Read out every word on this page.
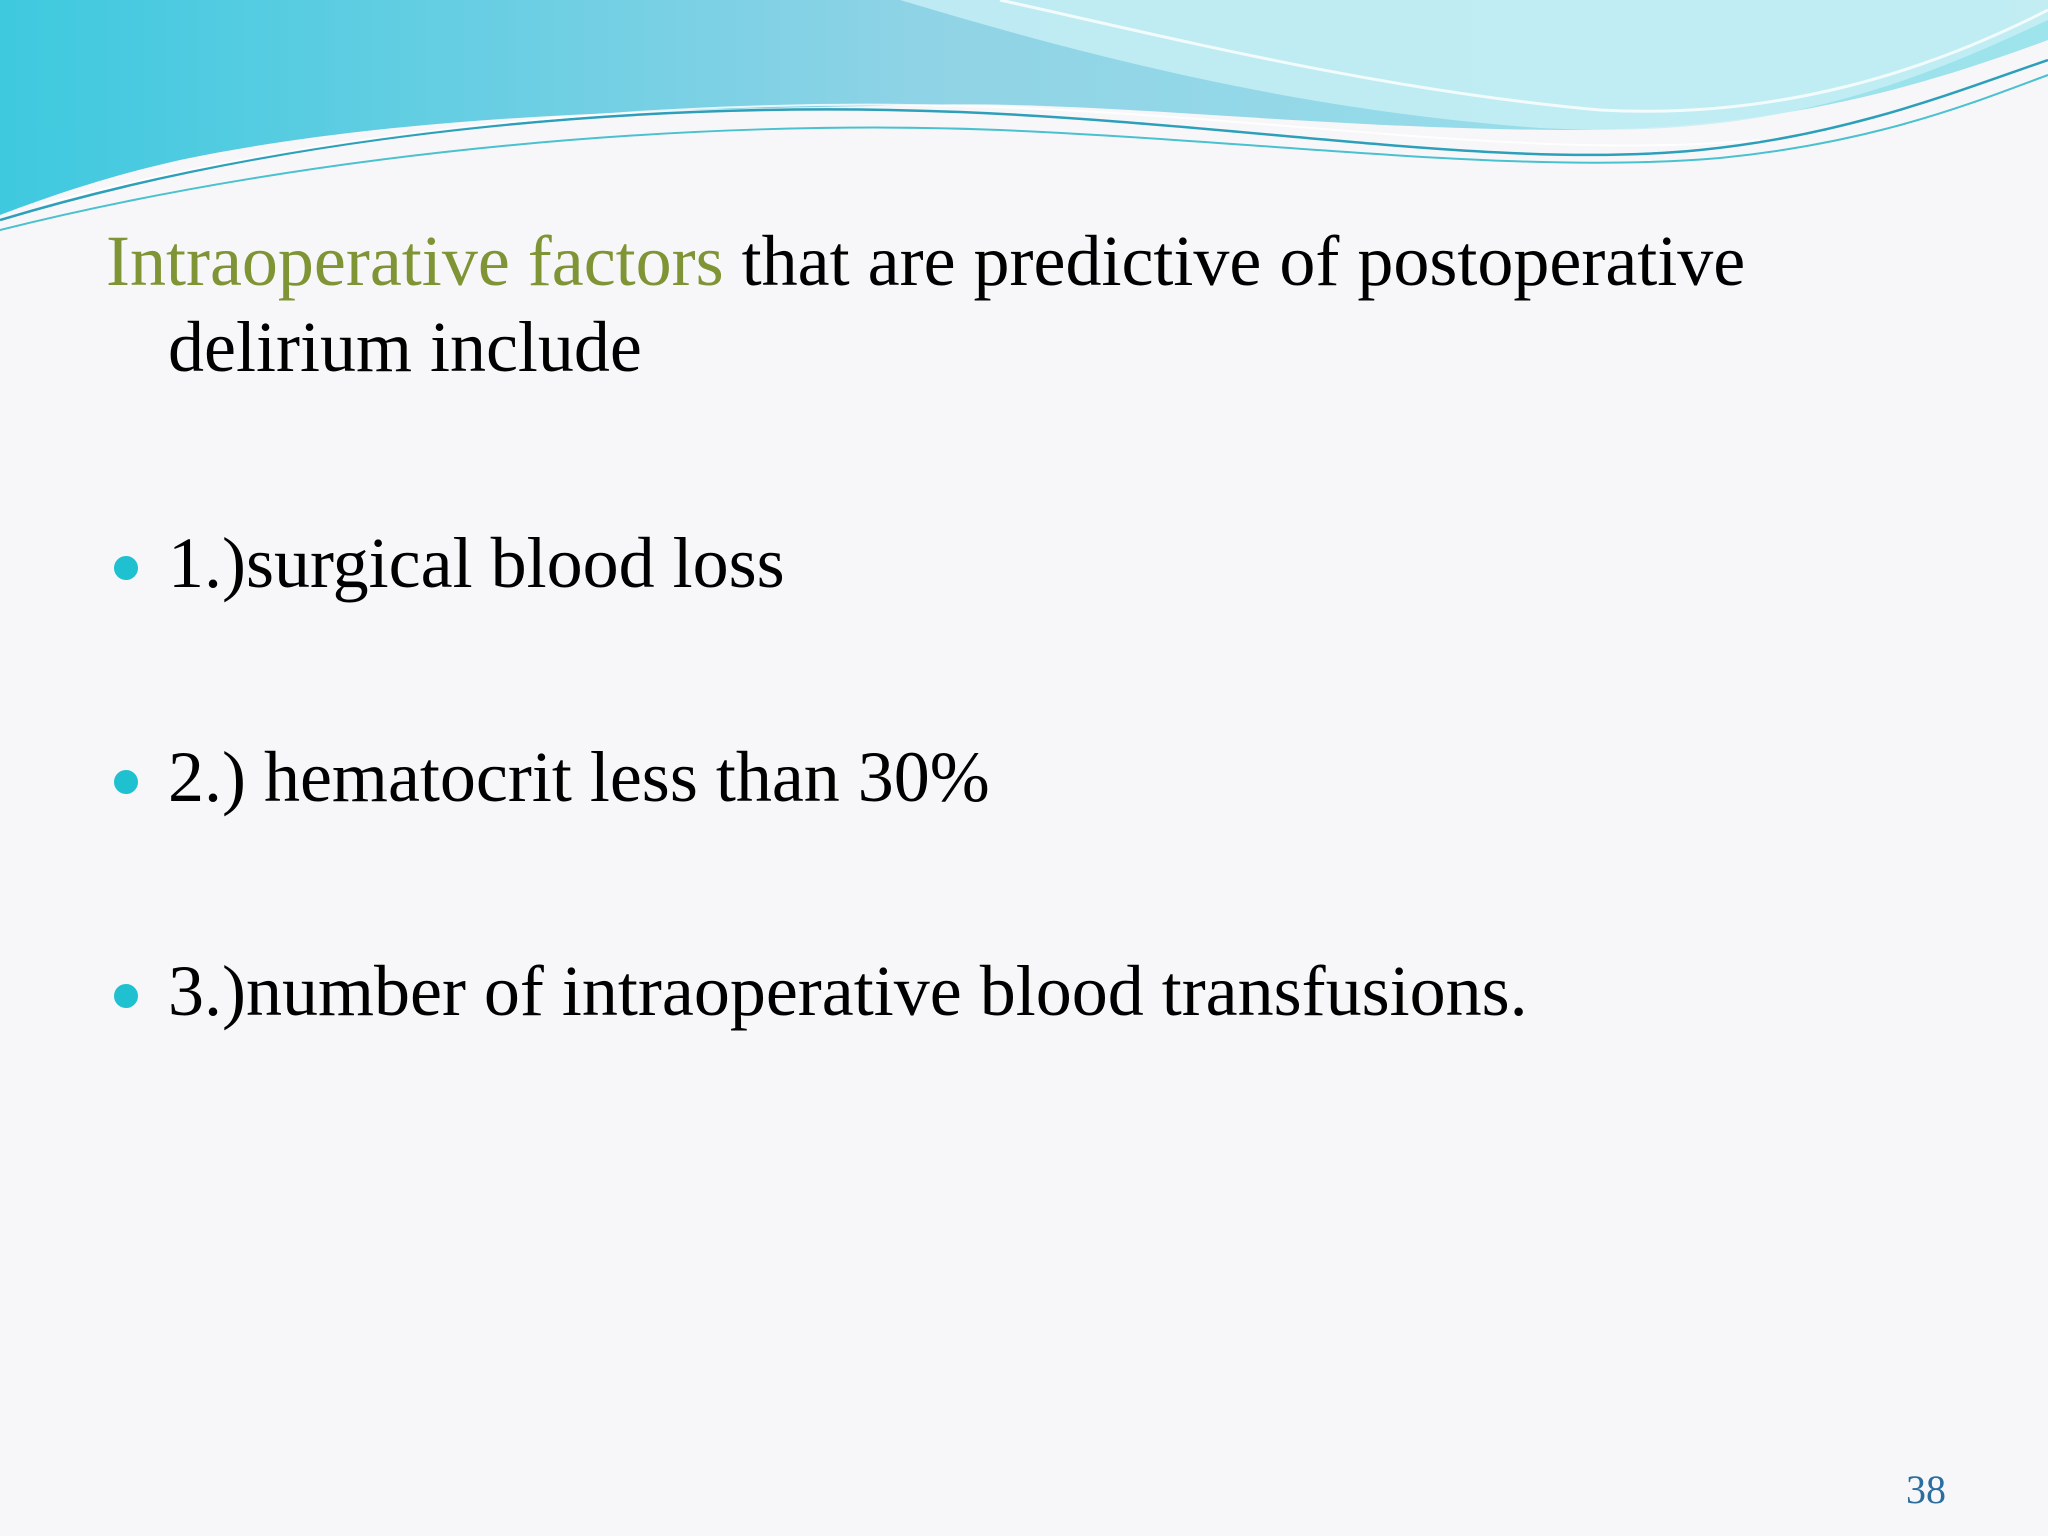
Intraoperative factors that are predictive of postoperative
delirium include

1.)surgical blood loss
2.) hematocrit less than 30%
3.)number of intraoperative blood transfusions.
38
